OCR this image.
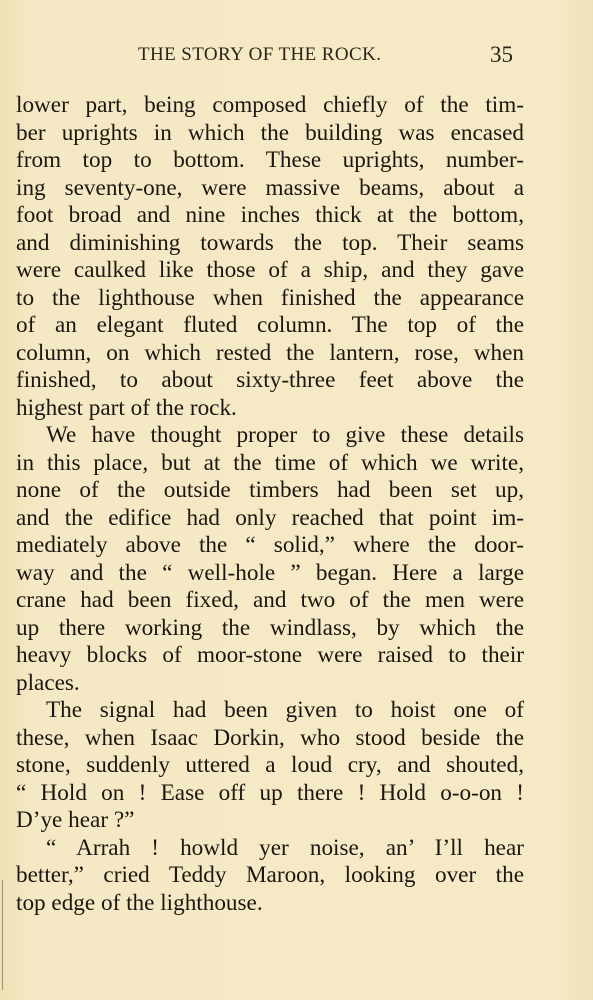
THE STORY OF THE ROCK.	35

lower part, being composed chiefly of the tim-
ber uprights in which the building was encased
from top to bottom. These uprights, number-
ing seventy-one, were massive beams, about a
foot broad and nine inches thick at the bottom,
and diminishing towards the top. Their seams
were caulked like those of a ship, and they gave
to the lighthouse when finished the appearance
of an elegant fluted column. The top of the
column, on which rested the lantern, rose, when
finished, to about sixty-three feet above the
highest part of the rock.

We have thought proper to give these details
in this place, but at the time of which we write,
none of the outside timbers had been set up,
and the edifice had only reached that point im-
mediately above the “ solid,” where the door-
way and the “ well-hole ” began. Here a large
crane had been fixed, and two of the men were
up there working the windlass, by which the
heavy blocks of moor-stone were raised to their
places.

The signal had been given to hoist one of
these, when Isaac Dorkin, who stood beside the
stone, suddenly uttered a loud cry, and shouted,
“ Hold on ! Ease off up there ! Hold o-o-on !
D’ye hear ?”

“ Arrah ! howld yer noise, an’ I’ll hear
better,” cried Teddy Maroon, looking over the
top edge of the lighthouse.
